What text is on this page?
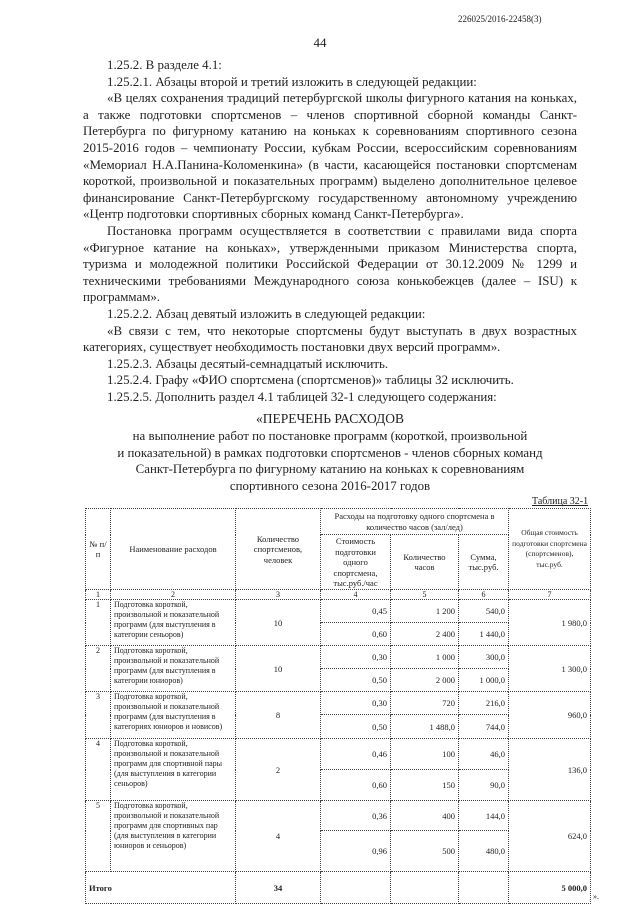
226025/2016-22458(3)
44

1.25.2. В разделе 4.1:

1.25.2.1. Абзацы второй и третий изложить в следующей редакции:

«В целях сохранения традиций петербургской школы фигурного катания на коньках, а также подготовки спортсменов – членов спортивной сборной команды Санкт-Петербурга по фигурному катанию на коньках к соревнованиям спортивного сезона 2015-2016 годов – чемпионату России, кубкам России, всероссийским соревнованиям «Мемориал Н.А.Панина-Коломенкина» (в части, касающейся постановки спортсменам короткой, произвольной и показательных программ) выделено дополнительное целевое финансирование Санкт-Петербургскому государственному автономному учреждению «Центр подготовки спортивных сборных команд Санкт-Петербурга».

Постановка программ осуществляется в соответствии с правилами вида спорта «Фигурное катание на коньках», утвержденными приказом Министерства спорта, туризма и молодежной политики Российской Федерации от 30.12.2009 № 1299 и техническими требованиями Международного союза конькобежцев (далее – ISU) к программам».

1.25.2.2. Абзац девятый изложить в следующей редакции:

«В связи с тем, что некоторые спортсмены будут выступать в двух возрастных категориях, существует необходимость постановки двух версий программ».

1.25.2.3. Абзацы десятый-семнадцатый исключить.

1.25.2.4. Графу «ФИО спортсмена (спортсменов)» таблицы 32 исключить.

1.25.2.5. Дополнить раздел 4.1 таблицей 32-1 следующего содержания:

«ПЕРЕЧЕНЬ РАСХОДОВ
на выполнение работ по постановке программ (короткой, произвольной
и показательной) в рамках подготовки спортсменов - членов сборных команд
Санкт-Петербурга по фигурному катанию на коньках к соревнованиям
спортивного сезона 2016-2017 годов
Таблица 32-1
№ п/п	Наименование расходов	Количество спортсменов, человек	Расходы на подготовку одного спортсмена в количество часов (зал/лед)			Общая стоимость подготовки спортсмена (спортсменов), тыс.руб.
			Стоимость подготовки одного спортсмена, тыс.руб./час	Количество часов	Сумма, тыс.руб.	
1	2	3	4	5	6	7
1	Подготовка короткой, произвольной и показательной программ (для выступления в категории сеньоров)	10	0,45	1 200	540,0	1 980,0
			0,60	2 400	1 440,0	
2	Подготовка короткой, произвольной и показательной программ (для выступления в категории юниоров)	10	0,30	1 000	300,0	1 300,0
			0,50	2 000	1 000,0	
3	Подготовка короткой, произвольной и показательной программ (для выступления в категориях юниоров и новисов)	8	0,30	720	216,0	960,0
			0,50	1 488,0	744,0	
4	Подготовка короткой, произвольной и показательной программ для спортивной пары (для выступления в категории сеньоров)	2	0,46	100	46,0	136,0
			0,60	150	90,0	
5	Подготовка короткой, произвольной и показательной программ для спортивных пар (для выступления в категории юниоров и сеньоров)	4	0,36	400	144,0	624,0
			0,96	500	480,0	
Итого		34				5 000,0
».
